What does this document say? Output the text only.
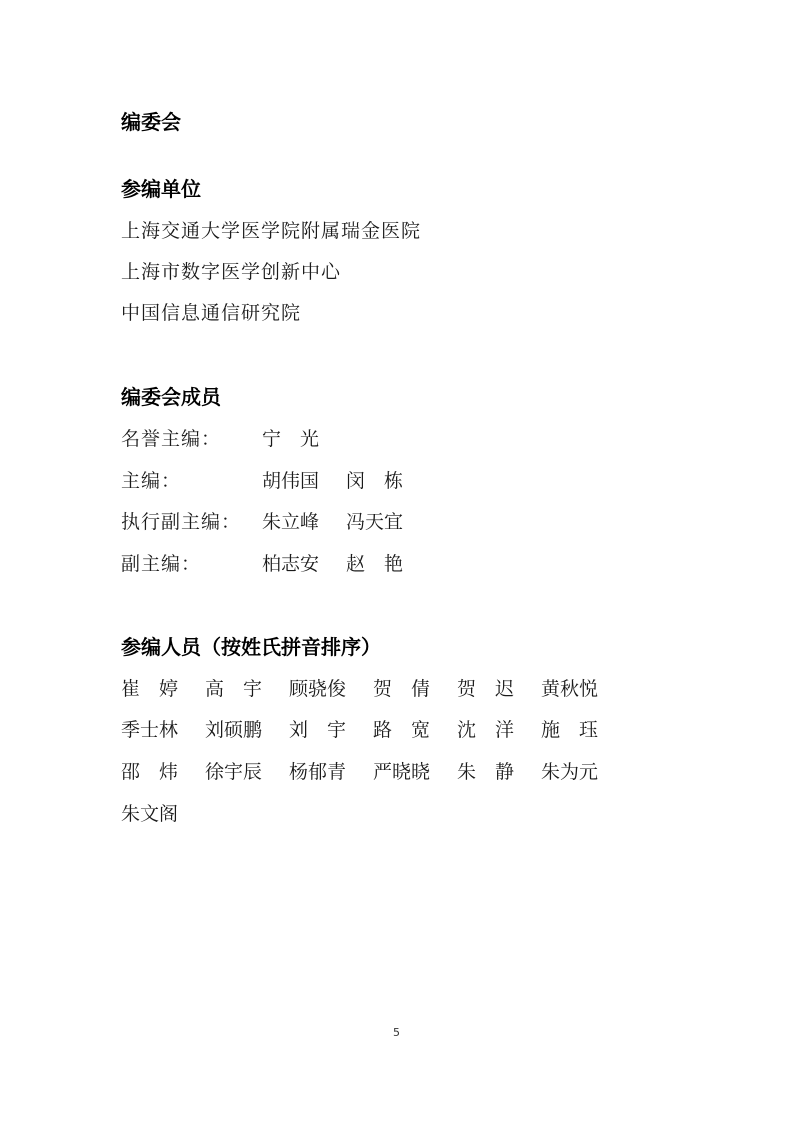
编委会
参编单位
上海交通大学医学院附属瑞金医院
上海市数字医学创新中心
中国信息通信研究院
编委会成员
名誉主编： 宁　光
主编：	胡伟国 闵　栋
执行副主编： 朱立峰 冯天宜
副主编：	柏志安 赵　艳
参编人员（按姓氏拼音排序）
崔　婷 高　宇 顾骁俊 贺　倩 贺　迟 黄秋悦
季士林 刘硕鹏 刘　宇 路　宽 沈　洋 施　珏
邵　炜 徐宇辰 杨郁青 严晓晓 朱　静 朱为元
朱文阁
5
